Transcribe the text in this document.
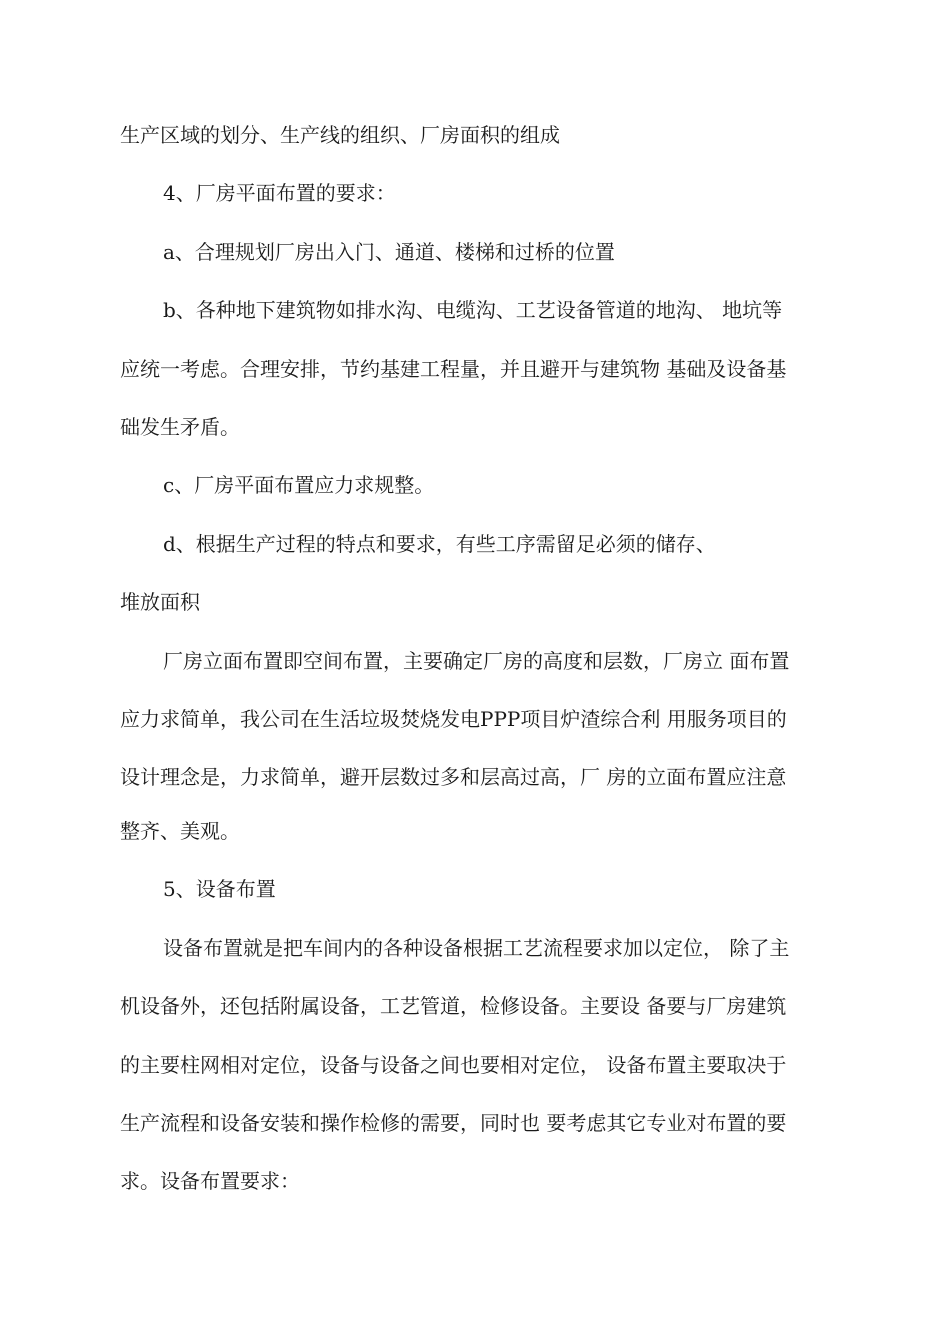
生产区域的划分、生产线的组织、厂房面积的组成
4、厂房平面布置的要求：
a、合理规划厂房出入门、通道、楼梯和过桥的位置
b、各种地下建筑物如排水沟、电缆沟、工艺设备管道的地沟、 地坑等
应统一考虑。合理安排，节约基建工程量，并且避开与建筑物 基础及设备基
础发生矛盾。
c、厂房平面布置应力求规整。
d、根据生产过程的特点和要求，有些工序需留足必须的储存、
堆放面积
厂房立面布置即空间布置，主要确定厂房的高度和层数，厂房立 面布置
应力求简单，我公司在生活垃圾焚烧发电PPP项目炉渣综合利 用服务项目的
设计理念是，力求简单，避开层数过多和层高过高，厂 房的立面布置应注意
整齐、美观。
5、设备布置
设备布置就是把车间内的各种设备根据工艺流程要求加以定位， 除了主
机设备外，还包括附属设备，工艺管道，检修设备。主要设 备要与厂房建筑
的主要柱网相对定位，设备与设备之间也要相对定位， 设备布置主要取决于
生产流程和设备安装和操作检修的需要，同时也 要考虑其它专业对布置的要
求。设备布置要求：
